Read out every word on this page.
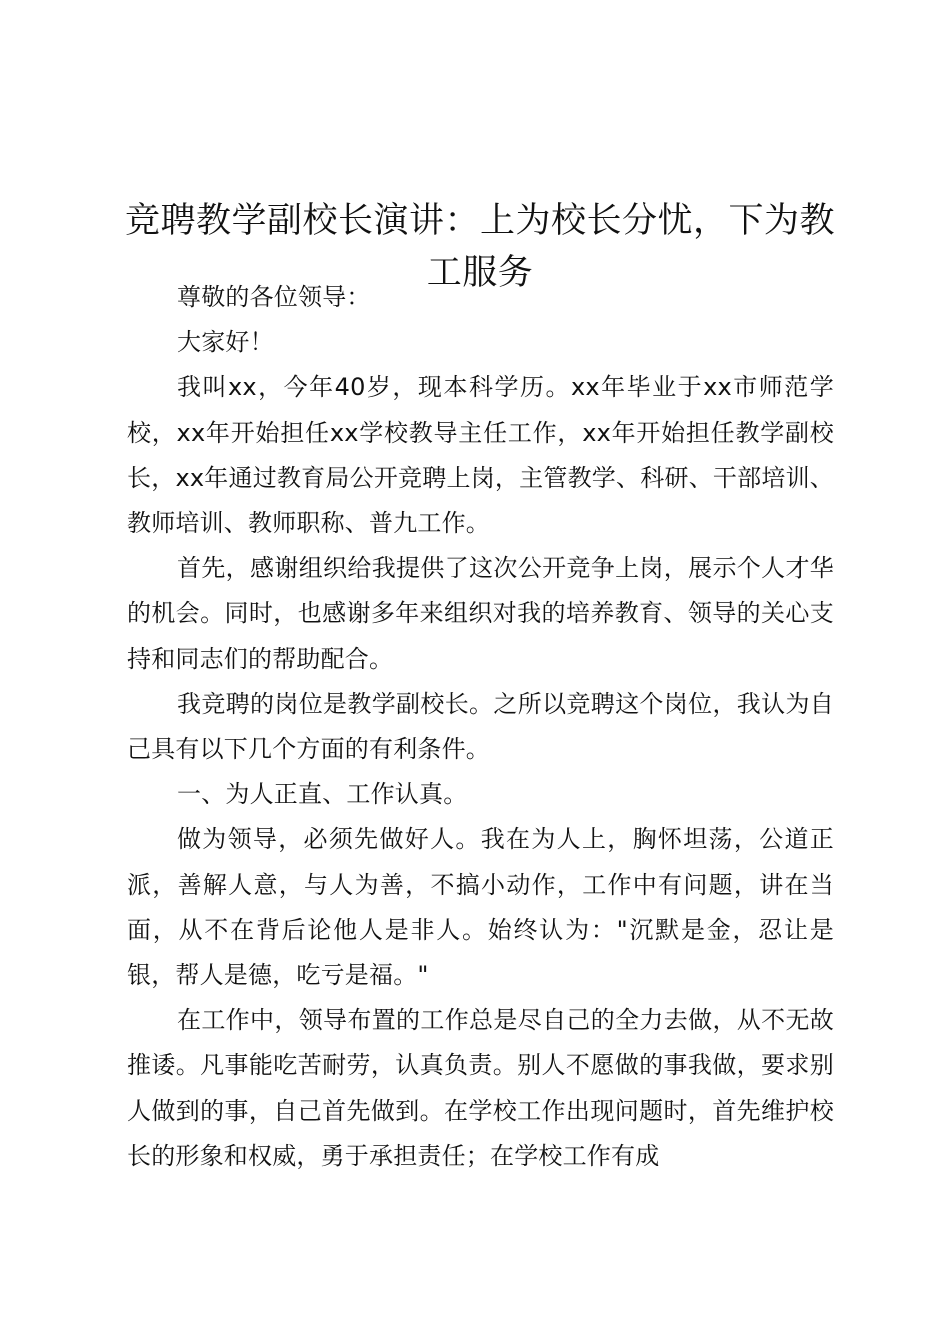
竞聘教学副校长演讲：上为校长分忧，下为教工服务

尊敬的各位领导：

大家好！

我叫xx，今年40岁，现本科学历。xx年毕业于xx市师范学校，xx年开始担任xx学校教导主任工作，xx年开始担任教学副校长，xx年通过教育局公开竞聘上岗，主管教学、科研、干部培训、教师培训、教师职称、普九工作。

首先，感谢组织给我提供了这次公开竞争上岗，展示个人才华的机会。同时，也感谢多年来组织对我的培养教育、领导的关心支持和同志们的帮助配合。

我竞聘的岗位是教学副校长。之所以竞聘这个岗位，我认为自己具有以下几个方面的有利条件。

一、为人正直、工作认真。

做为领导，必须先做好人。我在为人上，胸怀坦荡，公道正派，善解人意，与人为善，不搞小动作，工作中有问题，讲在当面，从不在背后论他人是非人。始终认为："沉默是金，忍让是银，帮人是德，吃亏是福。"

在工作中，领导布置的工作总是尽自己的全力去做，从不无故推诿。凡事能吃苦耐劳，认真负责。别人不愿做的事我做，要求别人做到的事，自己首先做到。在学校工作出现问题时，首先维护校长的形象和权威，勇于承担责任；在学校工作有成
